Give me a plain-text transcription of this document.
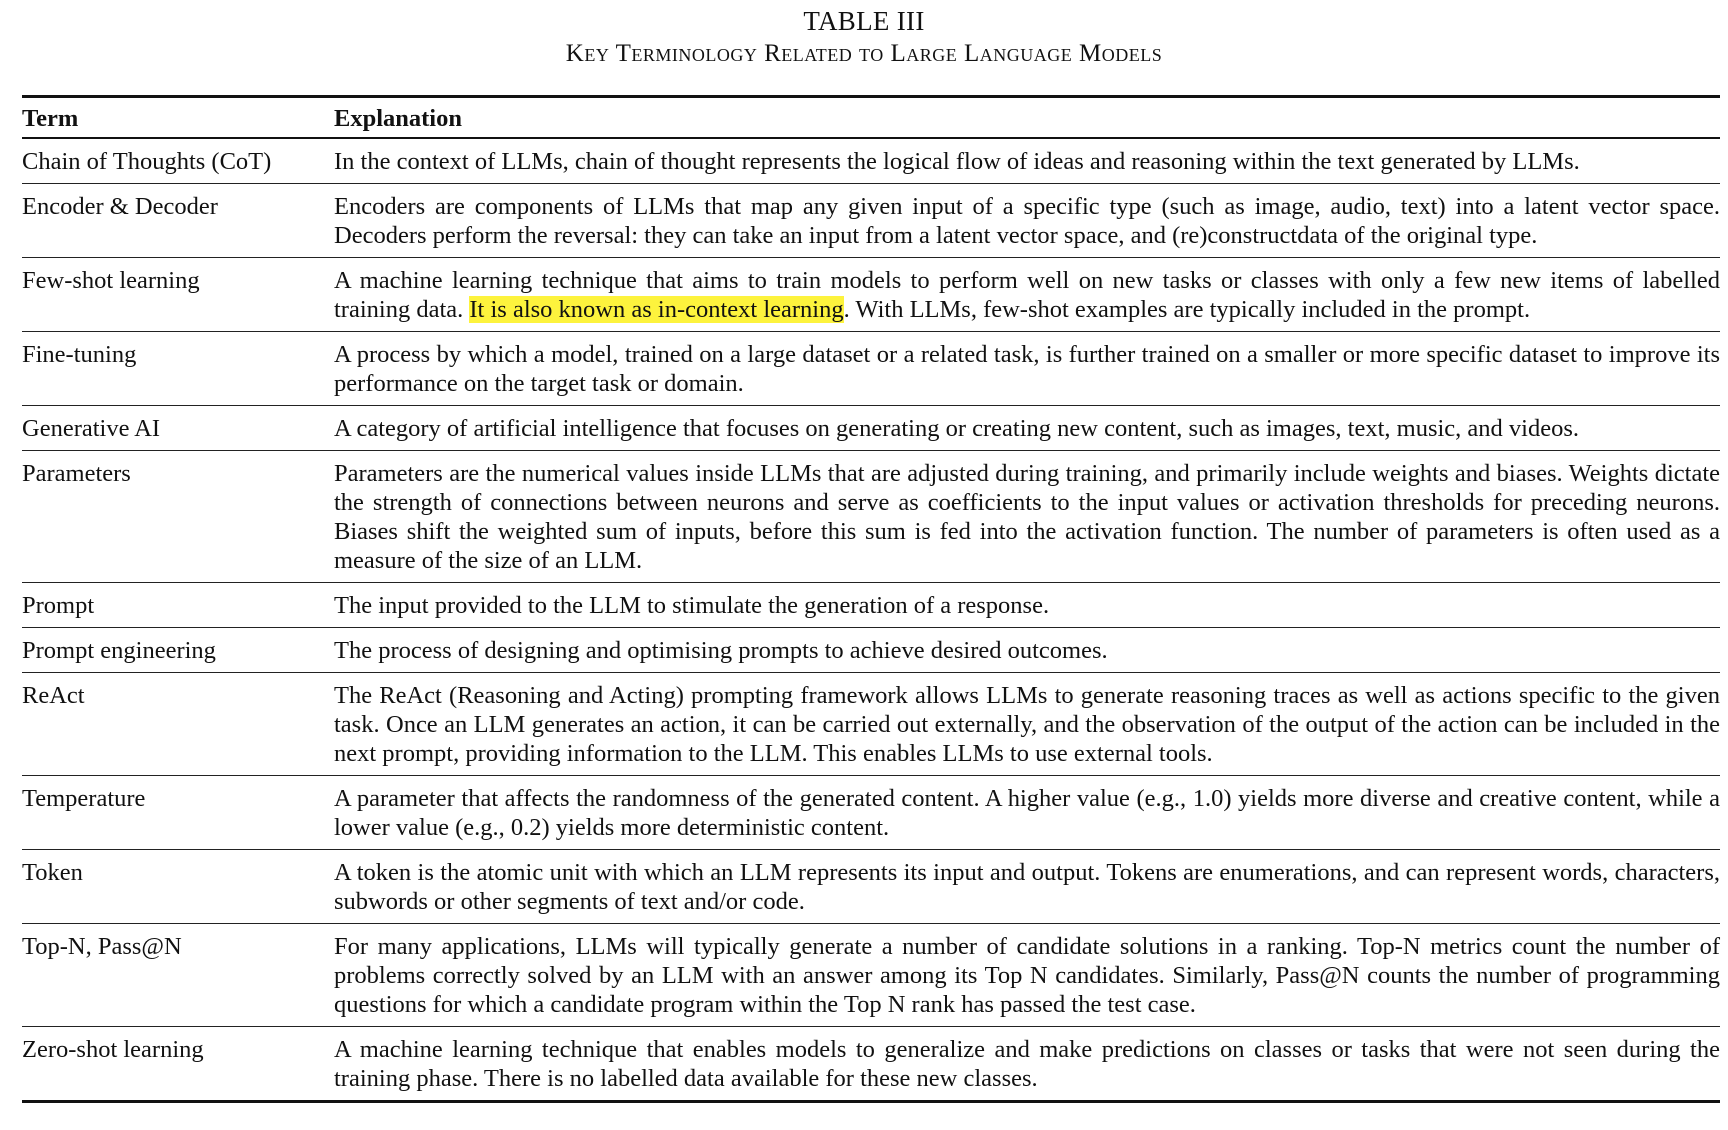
TABLE III
Key Terminology Related to Large Language Models
Term	Explanation
Chain of Thoughts (CoT)	In the context of LLMs, chain of thought represents the logical flow of ideas and reasoning within the text generated by LLMs.
Encoder & Decoder	Encoders are components of LLMs that map any given input of a specific type (such as image, audio, text) into a latent vector space. Decoders perform the reversal: they can take an input from a latent vector space, and (re)constructdata of the original type.
Few-shot learning	A machine learning technique that aims to train models to perform well on new tasks or classes with only a few new items of labelled training data. It is also known as in-context learning. With LLMs, few-shot examples are typically included in the prompt.
Fine-tuning	A process by which a model, trained on a large dataset or a related task, is further trained on a smaller or more specific dataset to improve its performance on the target task or domain.
Generative AI	A category of artificial intelligence that focuses on generating or creating new content, such as images, text, music, and videos.
Parameters	Parameters are the numerical values inside LLMs that are adjusted during training, and primarily include weights and biases. Weights dictate the strength of connections between neurons and serve as coefficients to the input values or activation thresholds for preceding neurons. Biases shift the weighted sum of inputs, before this sum is fed into the activation function. The number of parameters is often used as a measure of the size of an LLM.
Prompt	The input provided to the LLM to stimulate the generation of a response.
Prompt engineering	The process of designing and optimising prompts to achieve desired outcomes.
ReAct	The ReAct (Reasoning and Acting) prompting framework allows LLMs to generate reasoning traces as well as actions specific to the given task. Once an LLM generates an action, it can be carried out externally, and the observation of the output of the action can be included in the next prompt, providing information to the LLM. This enables LLMs to use external tools.
Temperature	A parameter that affects the randomness of the generated content. A higher value (e.g., 1.0) yields more diverse and creative content, while a lower value (e.g., 0.2) yields more deterministic content.
Token	A token is the atomic unit with which an LLM represents its input and output. Tokens are enumerations, and can represent words, characters, subwords or other segments of text and/or code.
Top-N, Pass@N	For many applications, LLMs will typically generate a number of candidate solutions in a ranking. Top-N metrics count the number of problems correctly solved by an LLM with an answer among its Top N candidates. Similarly, Pass@N counts the number of programming questions for which a candidate program within the Top N rank has passed the test case.
Zero-shot learning	A machine learning technique that enables models to generalize and make predictions on classes or tasks that were not seen during the training phase. There is no labelled data available for these new classes.
